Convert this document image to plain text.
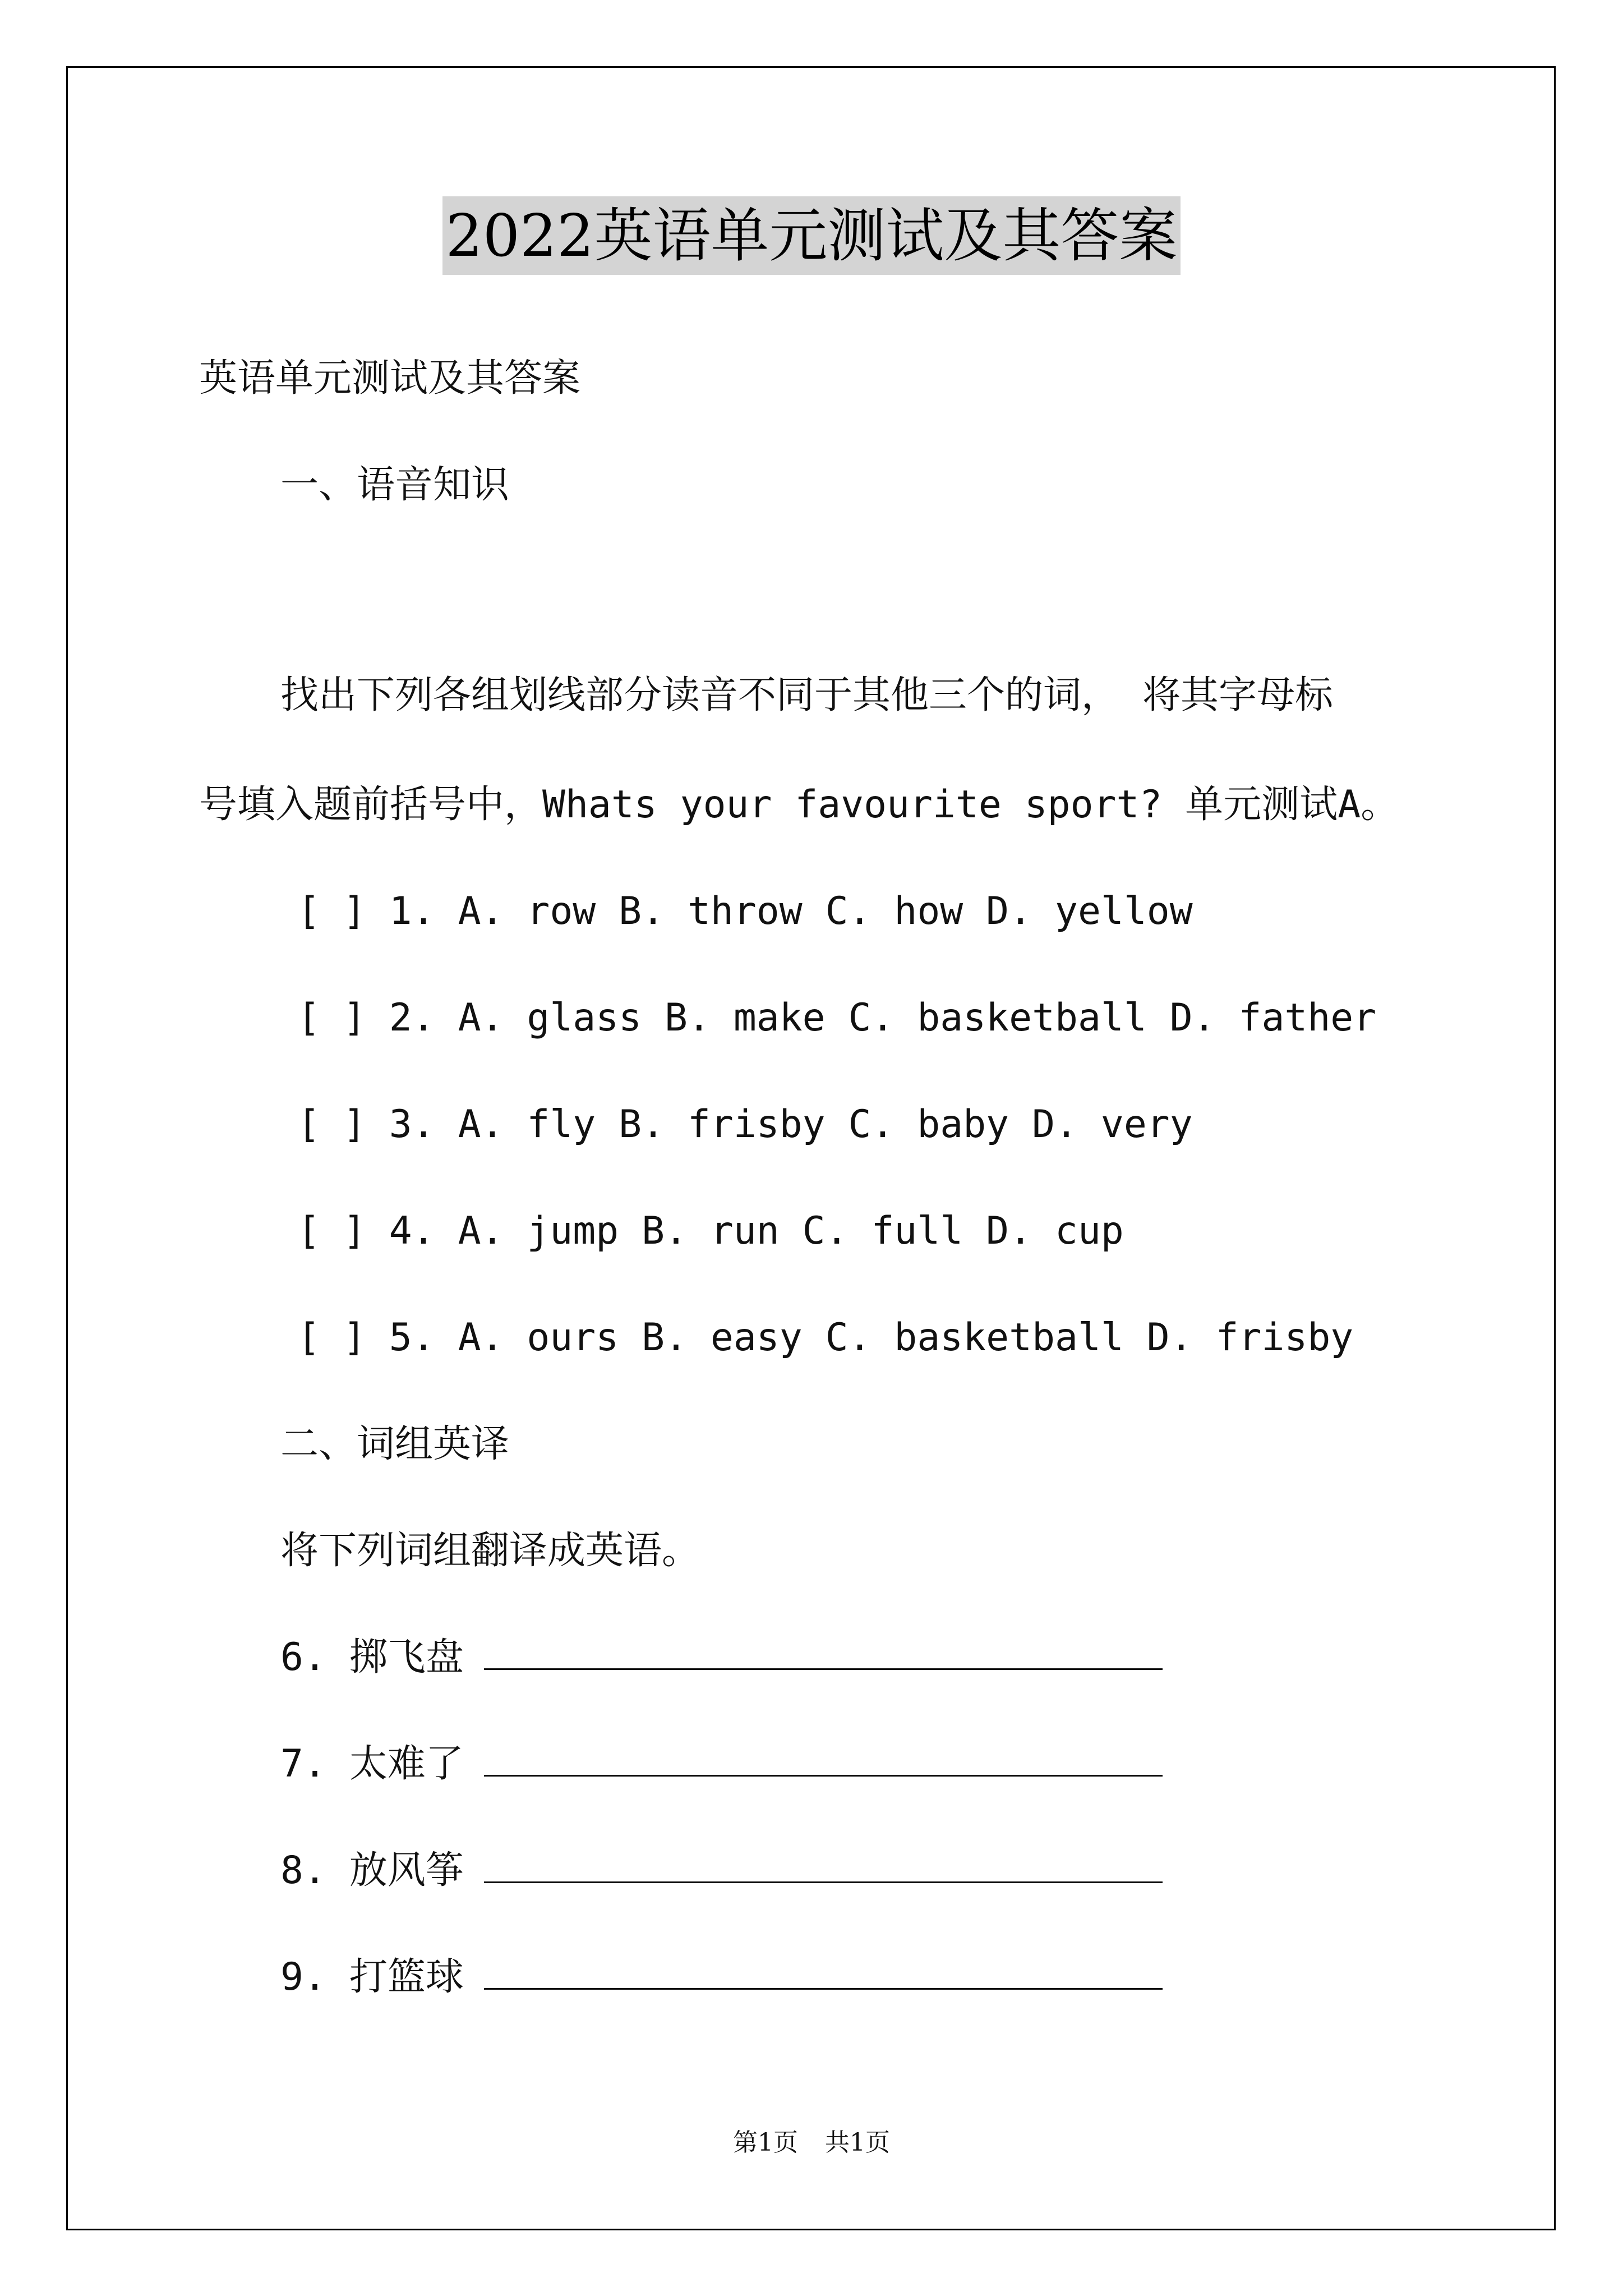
2022英语单元测试及其答案
英语单元测试及其答案
一、语音知识
找出下列各组划线部分读音不同于其他三个的词， 将其字母标
号填入题前括号中，Whats your favourite sport? 单元测试A。
[ ] 1. A. row B. throw C. how D. yellow
[ ] 2. A. glass B. make C. basketball D. father
[ ] 3. A. fly B. frisby C. baby D. very
[ ] 4. A. jump B. run C. full D. cup
[ ] 5. A. ours B. easy C. basketball D. frisby
二、词组英译
将下列词组翻译成英语。
6. 掷飞盘
7. 太难了
8. 放风筝
9. 打篮球
第1页 共1页
